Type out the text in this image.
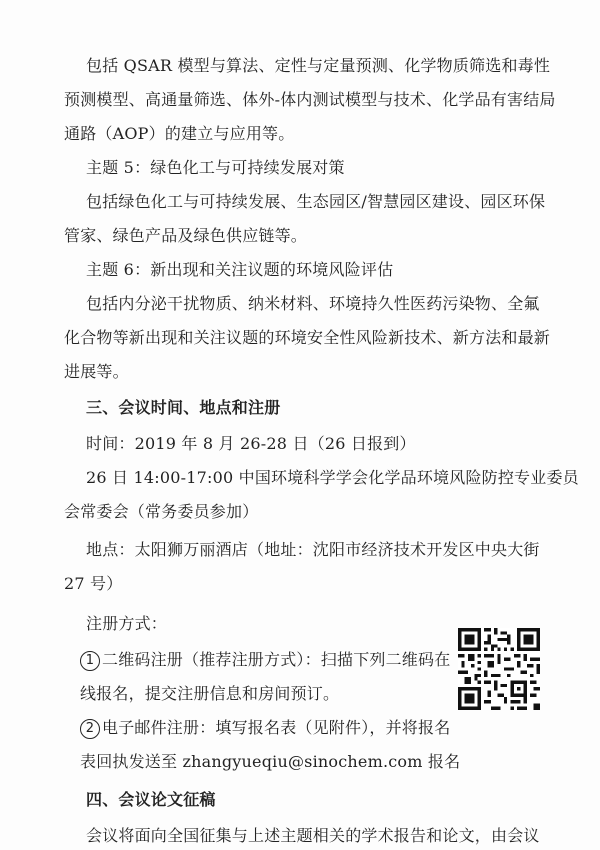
包括 QSAR 模型与算法、定性与定量预测、化学物质筛选和毒性
预测模型、高通量筛选、体外-体内测试模型与技术、化学品有害结局
通路（AOP）的建立与应用等。
主题 5：绿色化工与可持续发展对策
包括绿色化工与可持续发展、生态园区/智慧园区建设、园区环保
管家、绿色产品及绿色供应链等。
主题 6：新出现和关注议题的环境风险评估
包括内分泌干扰物质、纳米材料、环境持久性医药污染物、全氟
化合物等新出现和关注议题的环境安全性风险新技术、新方法和最新
进展等。
三、会议时间、地点和注册
时间：2019 年 8 月 26-28 日（26 日报到）
26 日 14:00-17:00 中国环境科学学会化学品环境风险防控专业委员
会常委会（常务委员参加）
地点：太阳狮万丽酒店（地址：沈阳市经济技术开发区中央大街
27 号）
注册方式：
1 二维码注册（推荐注册方式）：扫描下列二维码在
线报名，提交注册信息和房间预订。
2 电子邮件注册：填写报名表（见附件），并将报名
表回执发送至 zhangyueqiu@sinochem.com 报名
四、会议论文征稿
会议将面向全国征集与上述主题相关的学术报告和论文，由会议
